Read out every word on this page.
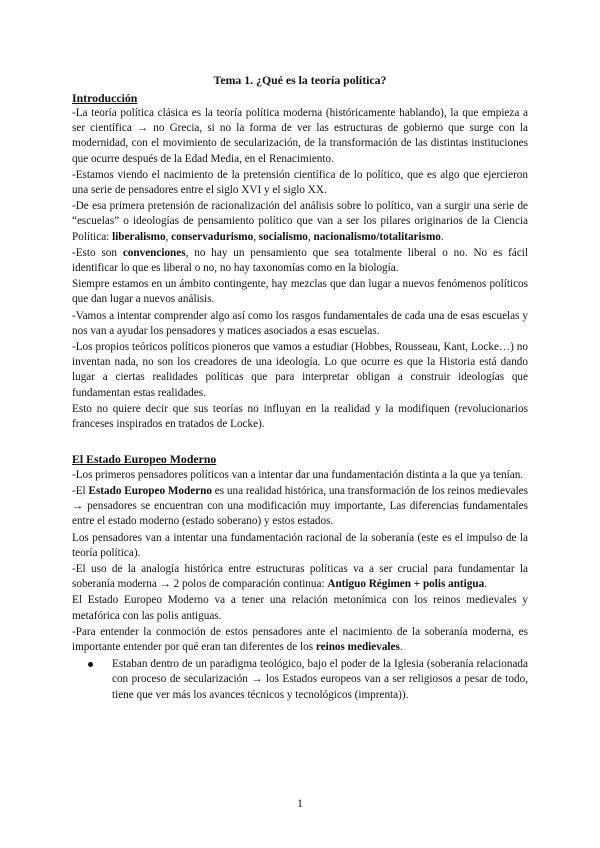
Tema 1. ¿Qué es la teoría política?
Introducción

-La teoría política clásica es la teoría política moderna (históricamente hablando), la que empieza a ser científica → no Grecia, si no la forma de ver las estructuras de gobierno que surge con la modernidad, con el movimiento de secularización, de la transformación de las distintas instituciones que ocurre después de la Edad Media, en el Renacimiento.

-Estamos viendo el nacimiento de la pretensión científica de lo político, que es algo que ejercieron una serie de pensadores entre el siglo XVI y el siglo XX.

-De esa primera pretensión de racionalización del análisis sobre lo político, van a surgir una serie de “escuelas” o ideologías de pensamiento político que van a ser los pilares originarios de la Ciencia Política: liberalismo, conservadurismo, socialismo, nacionalismo/totalitarismo.

-Esto son convenciones, no hay un pensamiento que sea totalmente liberal o no. No es fácil identificar lo que es liberal o no, no hay taxonomías como en la biología.

Siempre estamos en un ámbito contingente, hay mezclas que dan lugar a nuevos fenómenos políticos que dan lugar a nuevos análisis.

-Vamos a intentar comprender algo así como los rasgos fundamentales de cada una de esas escuelas y nos van a ayudar los pensadores y matices asociados a esas escuelas.

-Los propios teóricos políticos pioneros que vamos a estudiar (Hobbes, Rousseau, Kant, Locke…) no inventan nada, no son los creadores de una ideología. Lo que ocurre es que la Historia está dando lugar a ciertas realidades políticas que para interpretar obligan a construir ideologías que fundamentan estas realidades.

Esto no quiere decir que sus teorías no influyan en la realidad y la modifiquen (revolucionarios franceses inspirados en tratados de Locke).

El Estado Europeo Moderno

-Los primeros pensadores políticos van a intentar dar una fundamentación distinta a la que ya tenían.

-El Estado Europeo Moderno es una realidad histórica, una transformación de los reinos medievales → pensadores se encuentran con una modificación muy importante, Las diferencias fundamentales entre el estado moderno (estado soberano) y estos estados.

Los pensadores van a intentar una fundamentación racional de la soberanía (este es el impulso de la teoría política).

-El uso de la analogía histórica entre estructuras políticas va a ser crucial para fundamentar la soberanía moderna → 2 polos de comparación continua: Antiguo Régimen + polis antigua.

El Estado Europeo Moderno va a tener una relación metonímica con los reinos medievales y metafórica con las polis antiguas.

-Para entender la conmoción de estos pensadores ante el nacimiento de la soberanía moderna, es importante entender por qué eran tan diferentes de los reinos medievales.

Estaban dentro de un paradigma teológico, bajo el poder de la Iglesia (soberanía relacionada con proceso de secularización → los Estados europeos van a ser religiosos a pesar de todo, tiene que ver más los avances técnicos y tecnológicos (imprenta)).
1
